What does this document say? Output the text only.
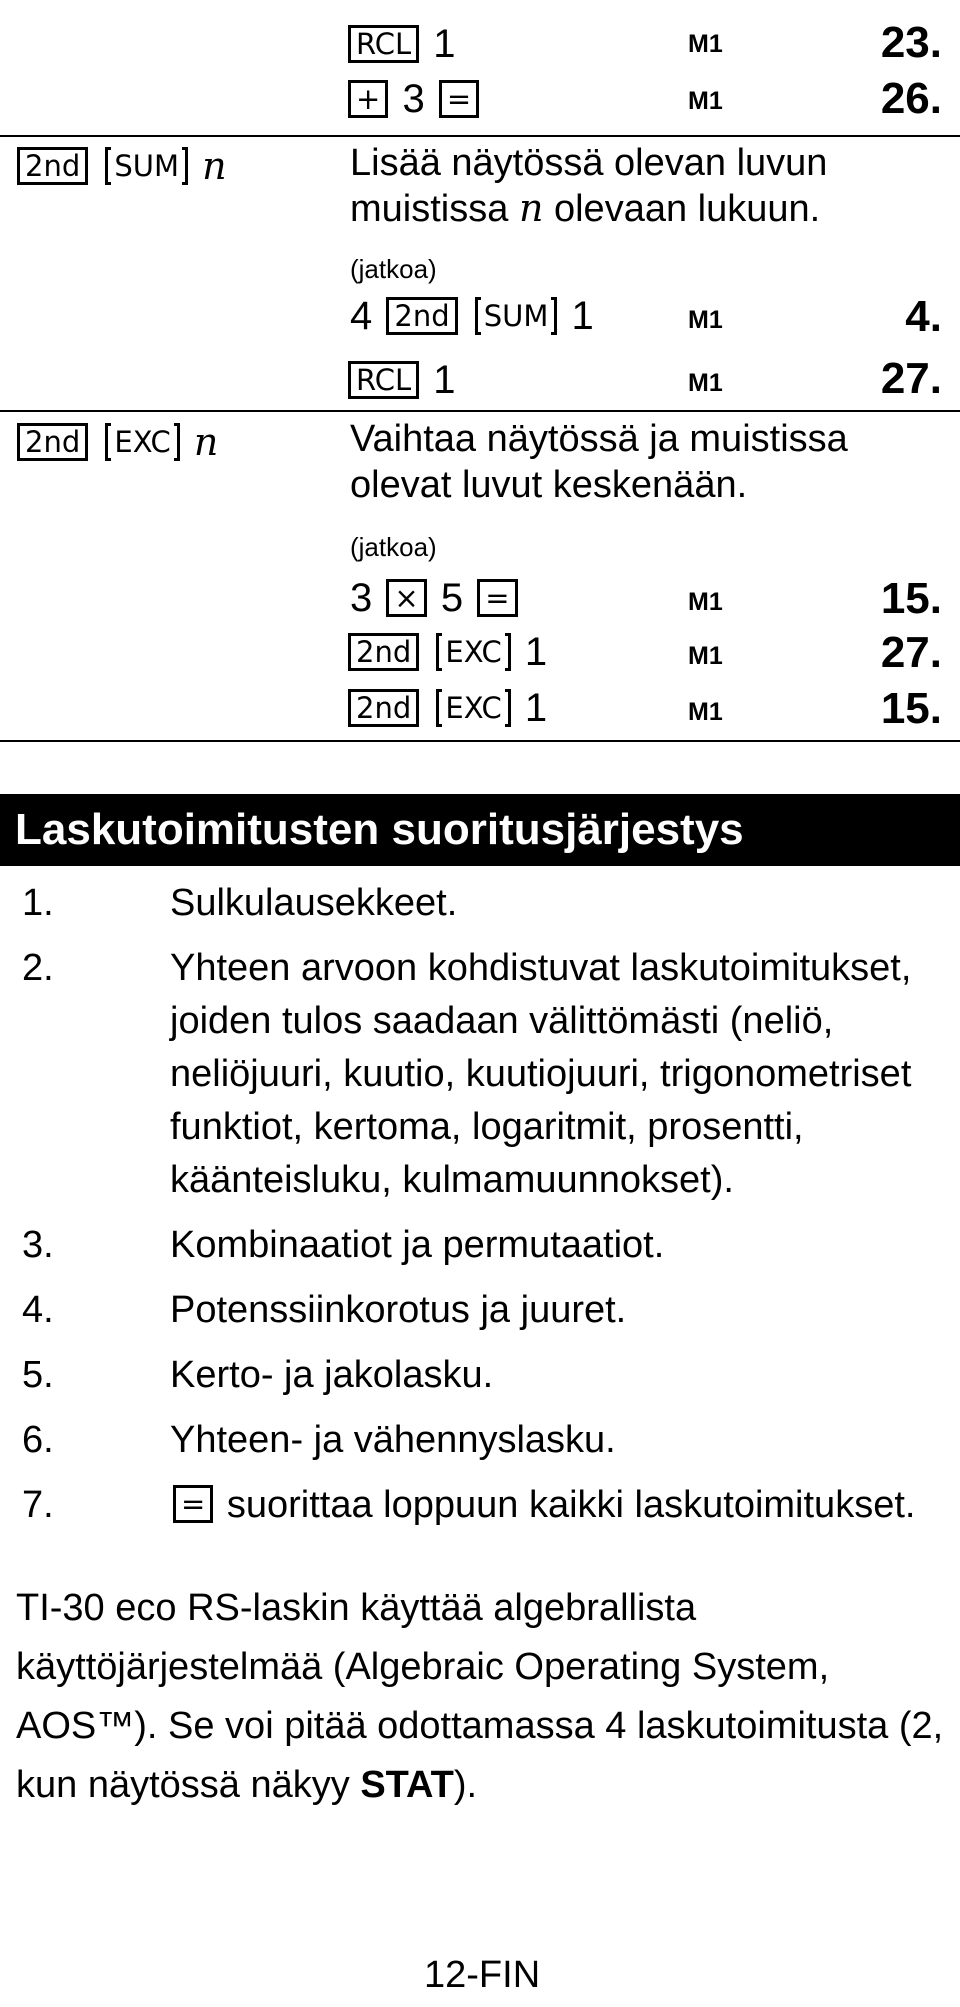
RCL 1	M1	23.
+ 3 =	M1	26.
2nd SUM n	Lisää näytössä olevan luvun
muistissa n olevaan lukuun.
(jatkoa)
4 2nd SUM 1	M1	4.
RCL 1	M1	27.
2nd EXC n	Vaihtaa näytössä ja muistissa
olevat luvut keskenään.
(jatkoa)
3 × 5 =	M1	15.
2nd EXC 1	M1	27.
2nd EXC 1	M1	15.
Laskutoimitusten suoritusjärjestys
1.	Sulkulausekkeet.
2.	Yhteen arvoon kohdistuvat laskutoimitukset,
joiden tulos saadaan välittömästi (neliö,
neliöjuuri, kuutio, kuutiojuuri, trigonometriset
funktiot, kertoma, logaritmit, prosentti,
käänteisluku, kulmamuunnokset).
3.	Kombinaatiot ja permutaatiot.
4.	Potenssiinkorotus ja juuret.
5.	Kerto- ja jakolasku.
6.	Yhteen- ja vähennyslasku.
7.	= suorittaa loppuun kaikki laskutoimitukset.
TI-30 eco RS-laskin käyttää algebrallista
käyttöjärjestelmää (Algebraic Operating System,
AOS™). Se voi pitää odottamassa 4 laskutoimitusta (2,
kun näytössä näkyy STAT).
12-FIN
